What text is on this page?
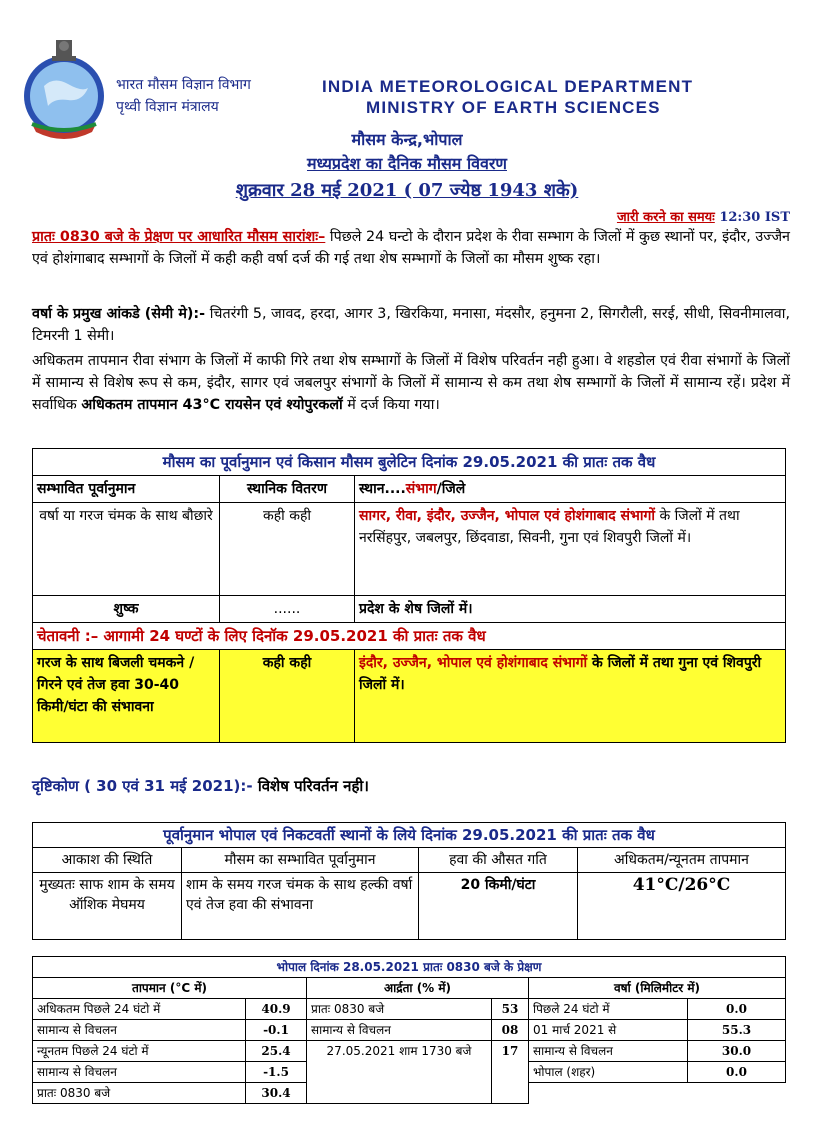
भारत मौसम विज्ञान विभाग
पृथ्वी विज्ञान मंत्रालय
INDIA METEOROLOGICAL DEPARTMENT
MINISTRY OF EARTH SCIENCES
मौसम केन्द्र,भोपाल
मध्यप्रदेश का दैनिक मौसम विवरण
शुक्रवार 28 मई 2021 ( 07 ज्येष्ठ 1943 शके)
जारी करने का समयः 12:30 IST
प्रातः 0830 बजे के प्रेक्षण पर आधारित मौसम सारांशः– पिछले 24 घन्टो के दौरान प्रदेश के रीवा सम्भाग के जिलों में कुछ स्थानों पर, इंदौर, उज्जैन एवं होशंगाबाद सम्भागों के जिलों में कही कही वर्षा दर्ज की गई तथा शेष सम्भागों के जिलों का मौसम शुष्क रहा।
वर्षा के प्रमुख आंकडे (सेमी मे):- चितरंगी 5, जावद, हरदा, आगर 3, खिरकिया, मनासा, मंदसौर, हनुमना 2, सिगरौली, सरई, सीधी, सिवनीमालवा, टिमरनी 1 सेमी।
अधिकतम तापमान रीवा संभाग के जिलों में काफी गिरे तथा शेष सम्भागों के जिलों में विशेष परिवर्तन नही हुआ। वे शहडोल एवं रीवा संभागों के जिलों में सामान्य से विशेष रूप से कम, इंदौर, सागर एवं जबलपुर संभागों के जिलों में सामान्य से कम तथा शेष सम्भागों के जिलों में सामान्य रहें। प्रदेश में सर्वाधिक अधिकतम तापमान 43°C रायसेन एवं श्योपुरकलॉ में दर्ज किया गया।
मौसम का पूर्वानुमान एवं किसान मौसम बुलेटिन दिनांक 29.05.2021 की प्रातः तक वैध		
सम्भावित पूर्वानुमान	स्थानिक वितरण	स्थान....संभाग/जिले
वर्षा या गरज चंमक के साथ बौछारे	कही कही	सागर, रीवा, इंदौर, उज्जैन, भोपाल एवं होशंगाबाद संभागों के जिलों में तथा नरसिंहपुर, जबलपुर, छिंदवाडा, सिवनी, गुना एवं शिवपुरी जिलों में।
शुष्क	......	प्रदेश के शेष जिलों में।
चेतावनी :– आगामी 24 घण्टों के लिए दिनॉक 29.05.2021 की प्रातः तक वैध		
गरज के साथ बिजली चमकने / गिरने एवं तेज हवा 30-40 किमी/घंटा की संभावना	कही कही	इंदौर, उज्जैन, भोपाल एवं होशंगाबाद संभागों के जिलों में तथा गुना एवं शिवपुरी जिलों में।
दृष्टिकोण ( 30 एवं 31 मई 2021):- विशेष परिवर्तन नही।
पूर्वानुमान भोपाल एवं निकटवर्ती स्थानों के लिये दिनांक 29.05.2021 की प्रातः तक वैध			
आकाश की स्थिति	मौसम का सम्भावित पूर्वानुमान	हवा की औसत गति	अधिकतम/न्यूनतम तापमान
मुख्यतः साफ शाम के समय ऑशिक मेघमय	शाम के समय गरज चंमक के साथ हल्की वर्षा एवं तेज हवा की संभावना	20 किमी/घंटा	41°C/26°C
भोपाल दिनांक 28.05.2021 प्रातः 0830 बजे के प्रेक्षण					
तापमान (°C में)		आर्द्रता (% में)		वर्षा (मिलिमीटर में)	
अधिकतम पिछले 24 घंटो में	40.9	प्रातः 0830 बजे	53	पिछले 24 घंटो में	0.0
सामान्य से विचलन	-0.1	सामान्य से विचलन	08	01 मार्च 2021 से	55.3
न्यूनतम पिछले 24 घंटो में	25.4	27.05.2021 शाम 1730 बजे	17	सामान्य से विचलन	30.0
सामान्य से विचलन	-1.5			भोपाल (शहर)	0.0
प्रातः 0830 बजे	30.4				
